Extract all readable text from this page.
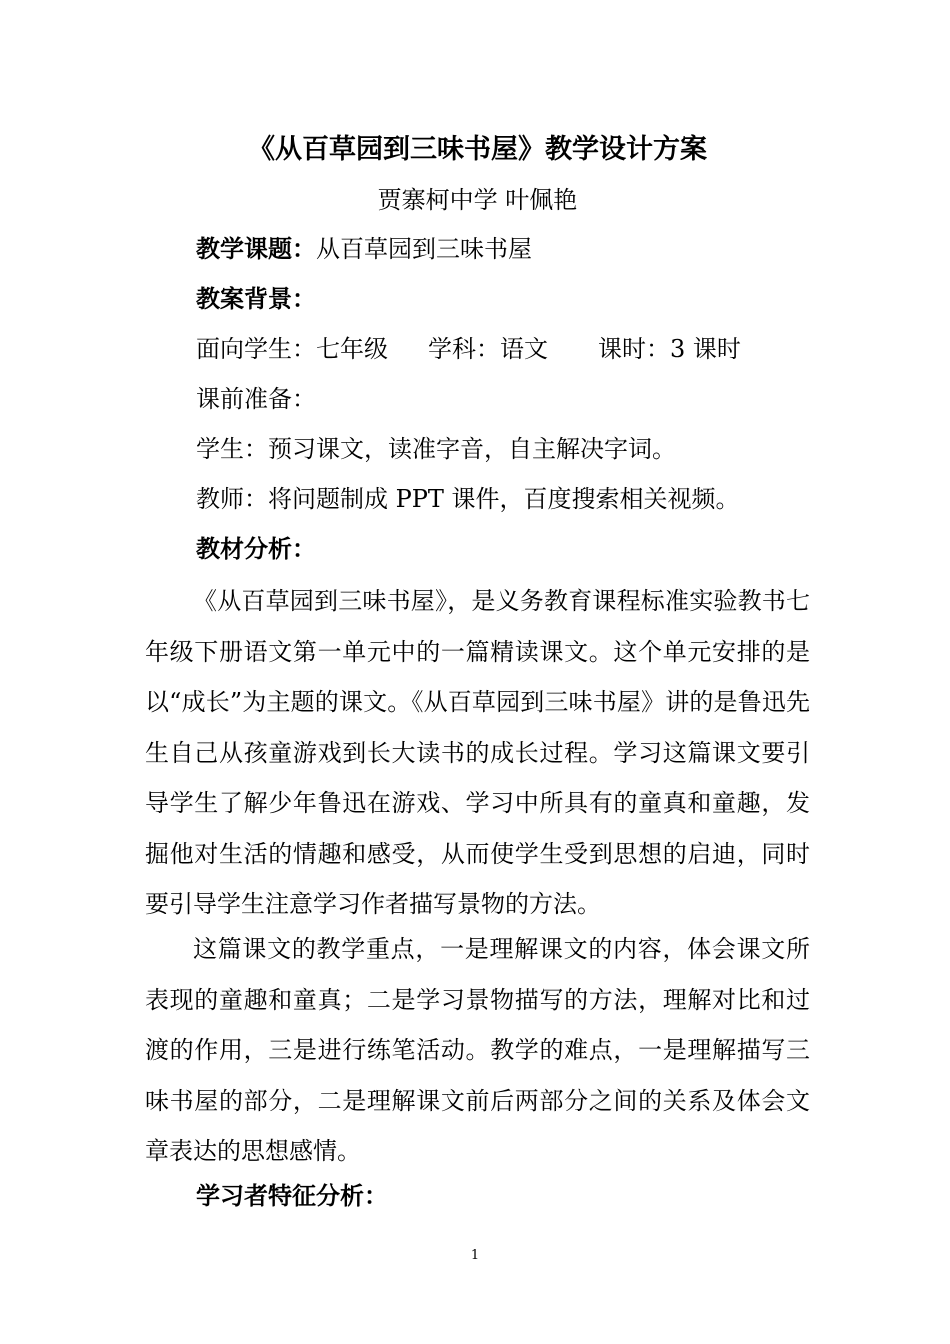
《从百草园到三味书屋》教学设计方案
贾寨柯中学 叶佩艳
教学课题：从百草园到三味书屋
教案背景：
面向学生：七年级 学科：语文 课时：3 课时
课前准备：
学生：预习课文，读准字音，自主解决字词。
教师：将问题制成 PPT 课件，百度搜索相关视频。
教材分析：

《从百草园到三味书屋》，是义务教育课程标准实验教书七年级下册语文第一单元中的一篇精读课文。这个单元安排的是以“成长”为主题的课文。《从百草园到三味书屋》讲的是鲁迅先生自己从孩童游戏到长大读书的成长过程。学习这篇课文要引导学生了解少年鲁迅在游戏、学习中所具有的童真和童趣，发掘他对生活的情趣和感受，从而使学生受到思想的启迪，同时要引导学生注意学习作者描写景物的方法。

这篇课文的教学重点，一是理解课文的内容，体会课文所表现的童趣和童真；二是学习景物描写的方法，理解对比和过渡的作用，三是进行练笔活动。教学的难点，一是理解描写三味书屋的部分，二是理解课文前后两部分之间的关系及体会文章表达的思想感情。

学习者特征分析：
1
